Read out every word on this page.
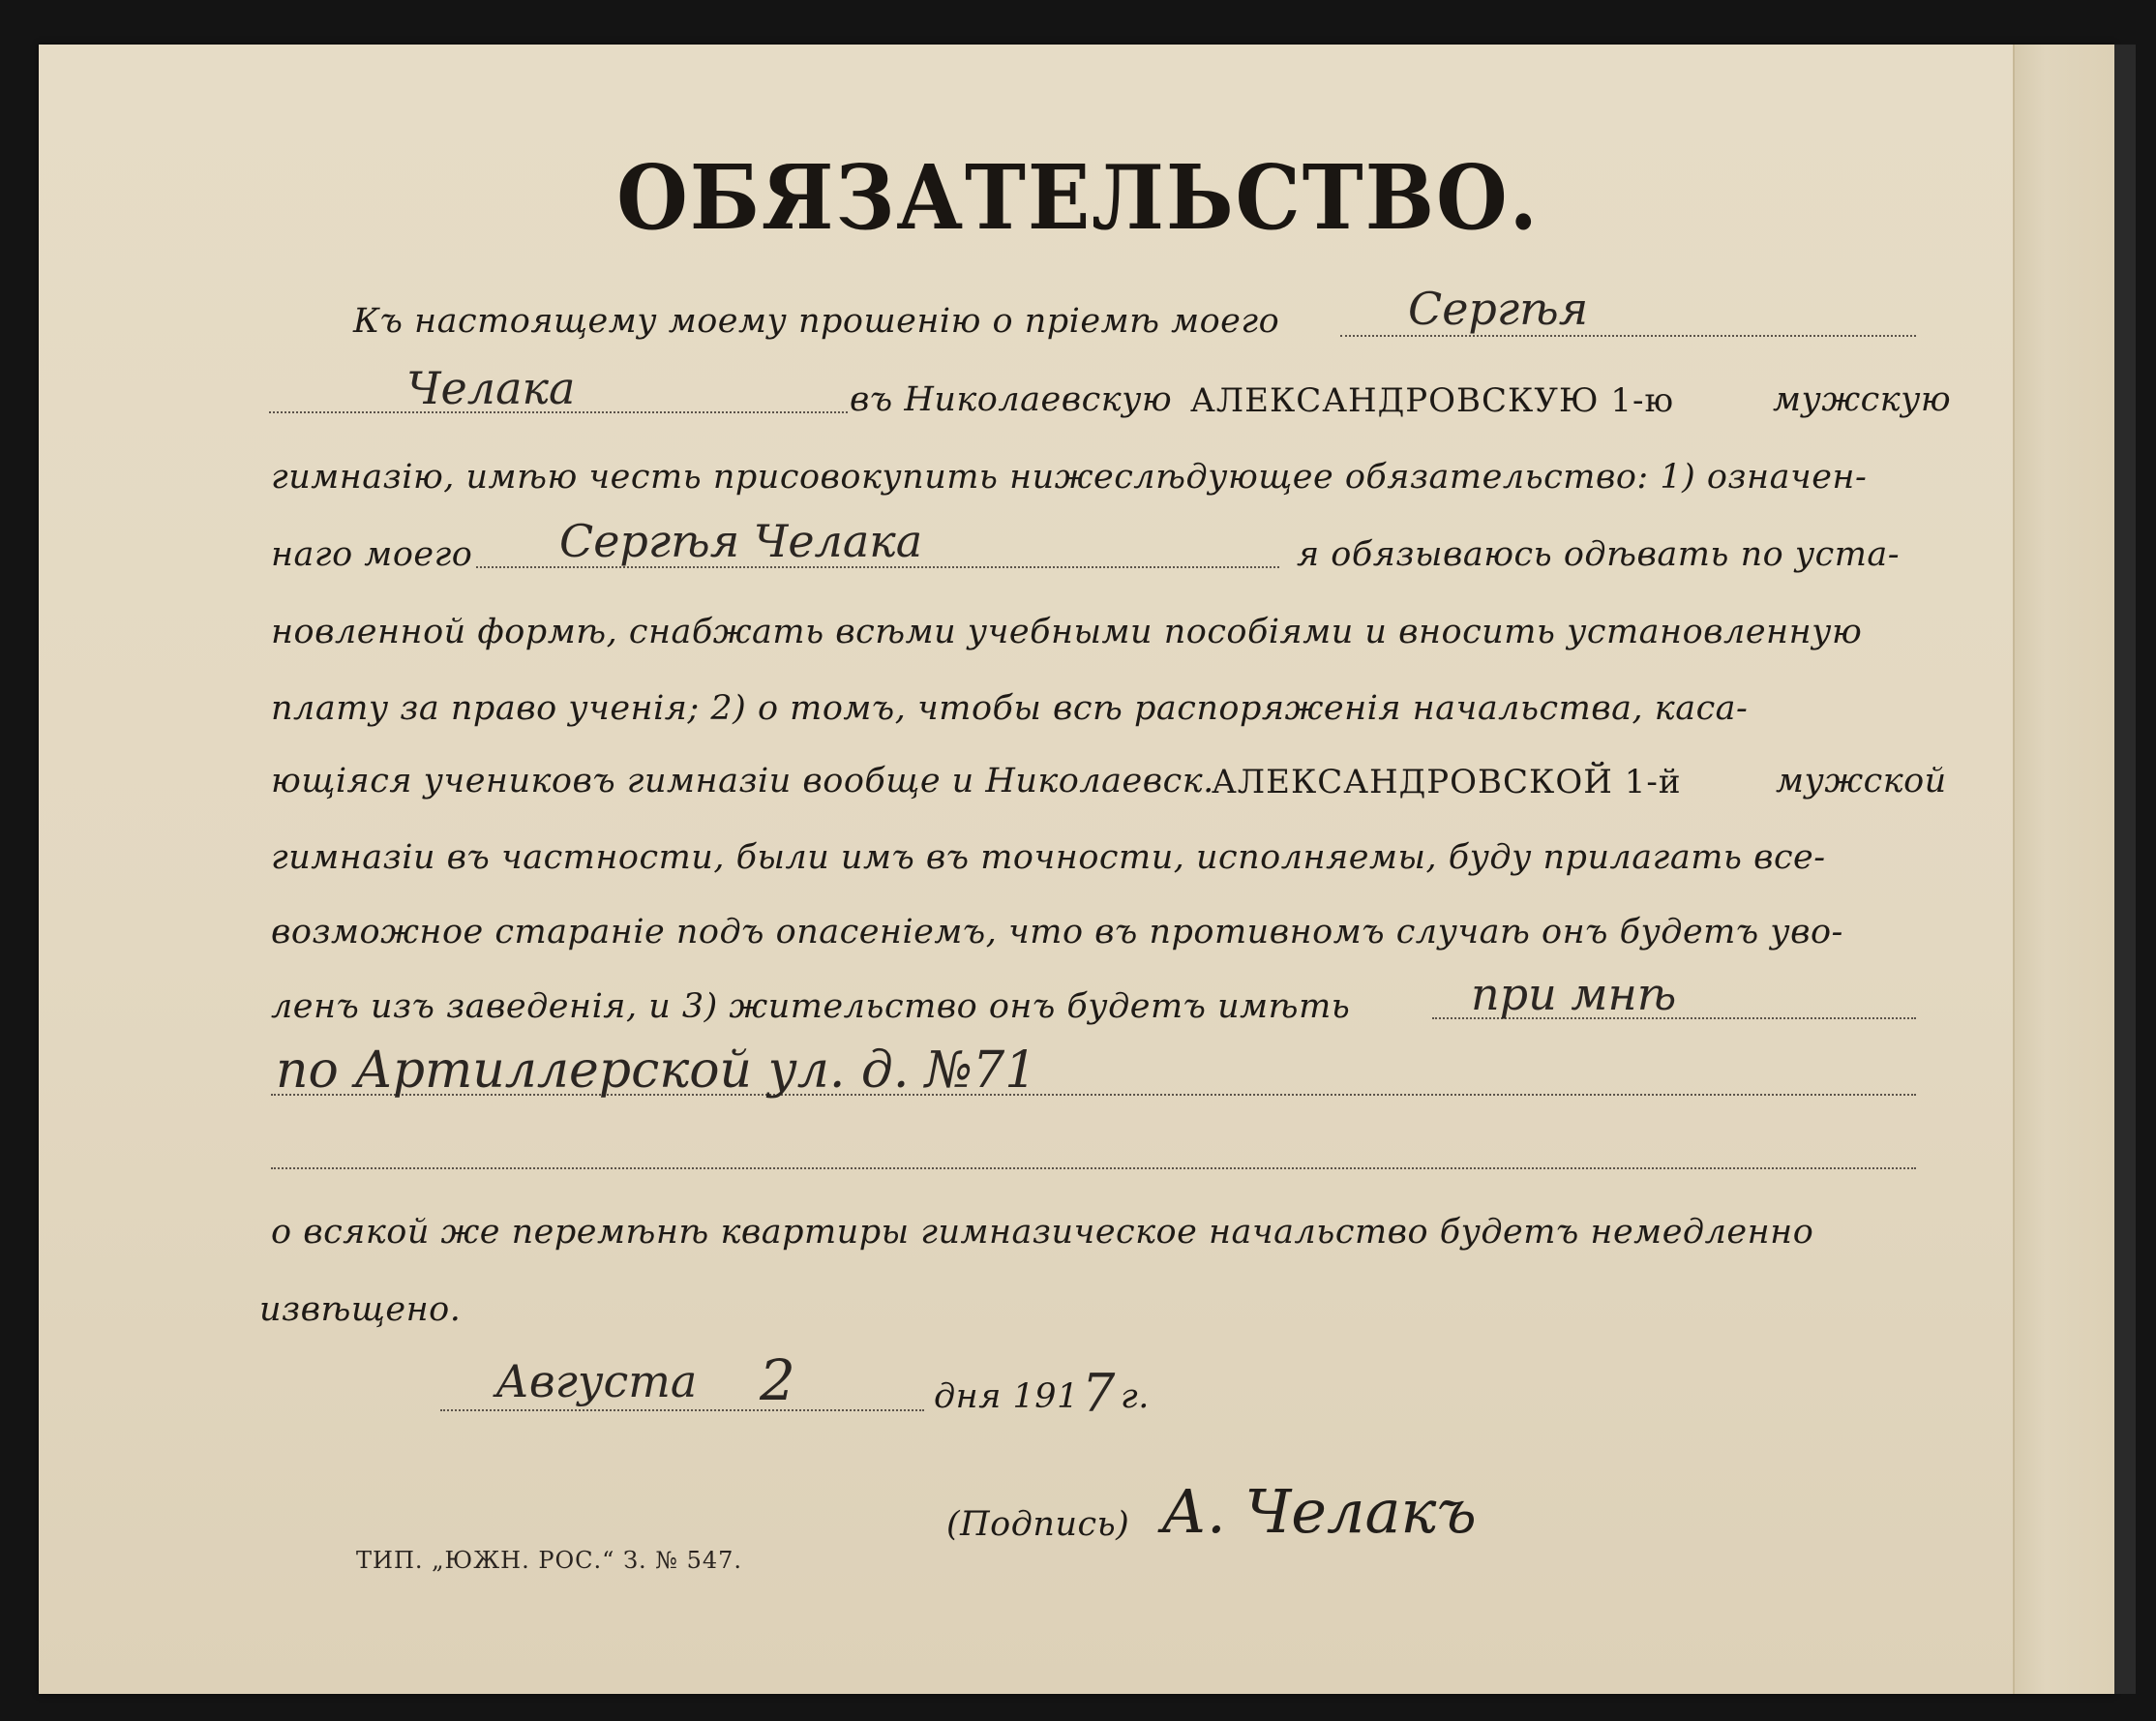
ОБЯЗАТЕЛЬСТВО.
Къ настоящему моему прошенію о пріемѣ моего	Сергѣя
Челака	въ Николаевскую АЛЕКСАНДРОВСКУЮ 1-ю	мужскую
гимназію, имѣю честь присовокупить нижеслѣдующее обязательство: 1) означен-
наго моего Сергѣя Челака	я обязываюсь одѣвать по уста-
новленной формѣ, снабжать всѣми учебными пособіями и вносить установленную
плату за право ученія; 2) о томъ, чтобы всѣ распоряженія начальства, каса-
ющіяся учениковъ гимназіи вообще и Николаевск.
АЛЕКСАНДРОВСКОЙ 1-й	мужской
гимназіи въ частности, были имъ въ точности, исполняемы, буду прилагать все-
возможное стараніе подъ опасеніемъ, что въ противномъ случаѣ онъ будетъ уво-
ленъ изъ заведенія, и 3) жительство онъ будетъ имѣть	при мнѣ
по Артиллерской ул. д. №71
о всякой же перемѣнѣ квартиры гимназическое начальство будетъ немедленно
извѣщено.
Августа 2	дня 191 7 г.
(Подпись) А. Челакъ
ТИП. „ЮЖН. РОС.“ З. № 547.
